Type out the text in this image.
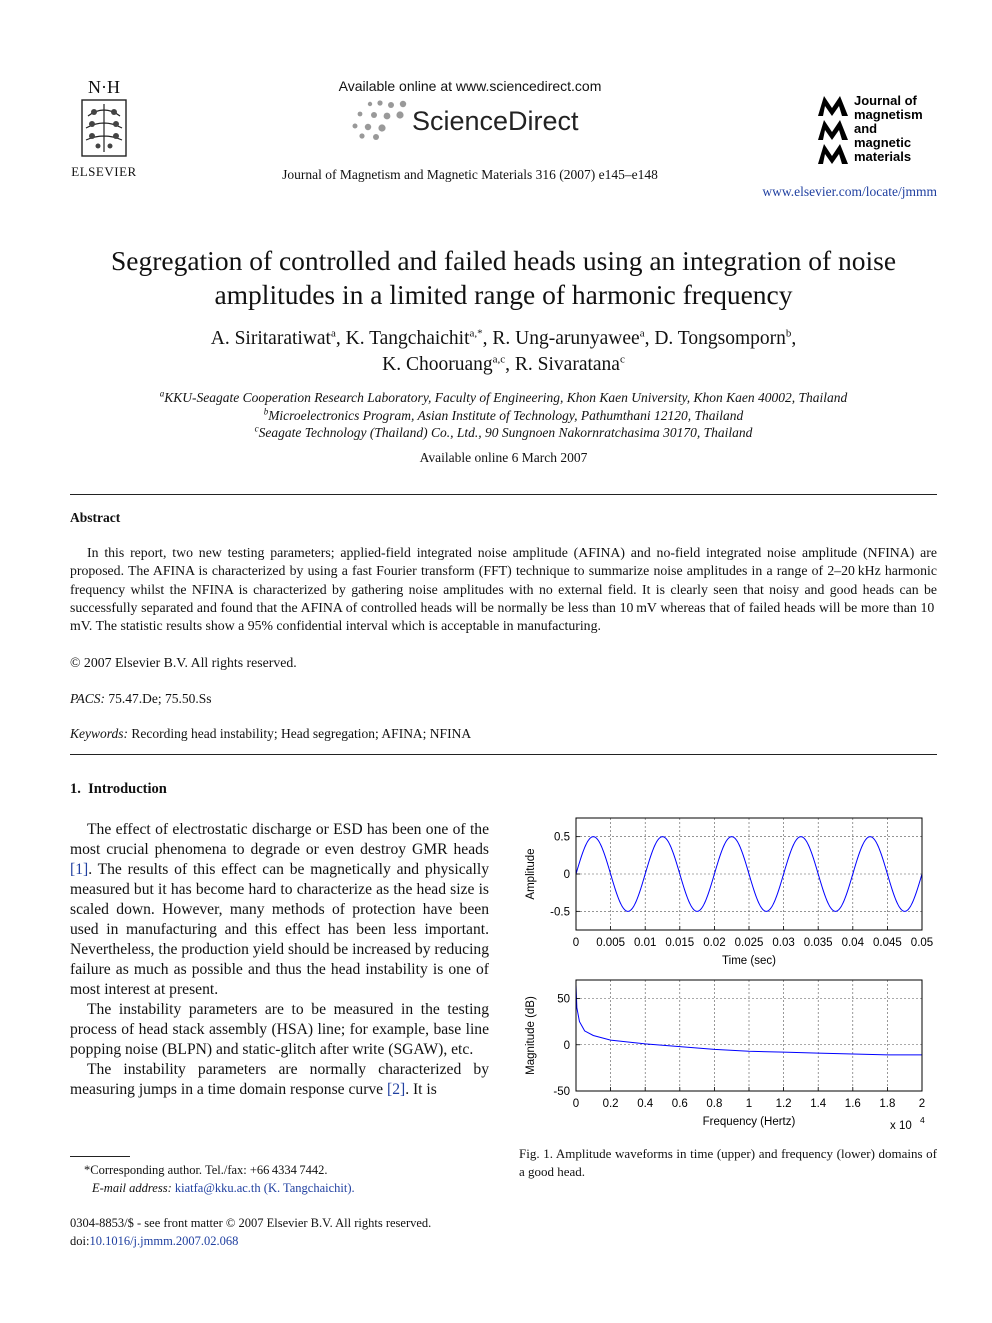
N·H
ELSEVIER
Available online at www.sciencedirect.com
ScienceDirect
Journal of Magnetism and Magnetic Materials 316 (2007) e145–e148
Journal of
magnetism
and
magnetic
materials
www.elsevier.com/locate/jmmm
Segregation of controlled and failed heads using an integration of noise
amplitudes in a limited range of harmonic frequency
A. Siritaratiwat$^a$, K. Tangchaichit$^{a,*}$, R. Ung-arunyawee$^a$, D. Tongsomporn$^b$,
K. Chooruang$^{a,c}$, R. Sivaratana$^c$
$^a$KKU-Seagate Cooperation Research Laboratory, Faculty of Engineering, Khon Kaen University, Khon Kaen 40002, Thailand
$^b$Microelectronics Program, Asian Institute of Technology, Pathumthani 12120, Thailand
$^c$Seagate Technology (Thailand) Co., Ltd., 90 Sungnoen Nakornratchasima 30170, Thailand
Available online 6 March 2007
Abstract
In this report, two new testing parameters; applied-field integrated noise amplitude (AFINA) and no-field integrated noise amplitude (NFINA) are proposed. The AFINA is characterized by using a fast Fourier transform (FFT) technique to summarize noise amplitudes in a range of 2–20 kHz harmonic frequency whilst the NFINA is characterized by gathering noise amplitudes with no external field. It is clearly seen that noisy and good heads can be successfully separated and found that the AFINA of controlled heads will be normally be less than 10 mV whereas that of failed heads will be more than 10 mV. The statistic results show a 95% confidential interval which is acceptable in manufacturing.
© 2007 Elsevier B.V. All rights reserved.
PACS: 75.47.De; 75.50.Ss
Keywords: Recording head instability; Head segregation; AFINA; NFINA
1.  Introduction
The effect of electrostatic discharge or ESD has been one of the most crucial phenomena to degrade or even destroy GMR heads [1]. The results of this effect can be magnetically and physically measured but it has become hard to characterize as the head size is scaled down. However, many methods of protection have been used in manufacturing and this effect has been less important. Nevertheless, the production yield should be increased by reducing failure as much as possible and thus the head instability is one of most interest at present.
The instability parameters are to be measured in the testing process of head stack assembly (HSA) line; for example, base line popping noise (BLPN) and static-glitch after write (SGAW), etc.
The instability parameters are normally characterized by measuring jumps in a time domain response curve [2]. It is
*Corresponding author. Tel./fax: +66 4334 7442.
E-mail address: kiatfa@kku.ac.th (K. Tangchaichit).
0304-8853/$ - see front matter © 2007 Elsevier B.V. All rights reserved.
doi:10.1016/j.jmmm.2007.02.068
0 0.005 0.01 0.015 0.02 0.025 0.03 0.035 0.04 0.045 0.05
0.5
0
-0.5
Time (sec)
Amplitude
0 0.2 0.4 0.6 0.8 1 1.2 1.4 1.6 1.8 2
50
0
-50
Frequency (Hertz)
Magnitude (dB)
x 10 4
Fig. 1. Amplitude waveforms in time (upper) and frequency (lower) domains of a good head.
